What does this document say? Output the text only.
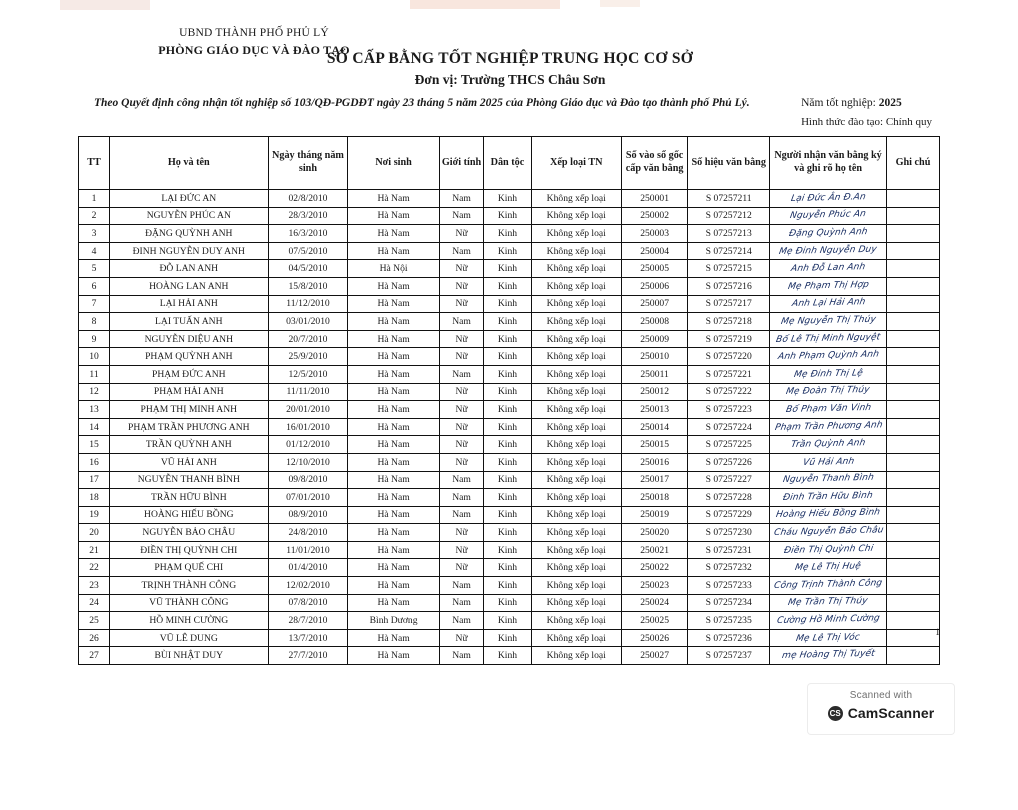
UBND THÀNH PHỐ PHỦ LÝ
PHÒNG GIÁO DỤC VÀ ĐÀO TẠO
SỔ CẤP BẰNG TỐT NGHIỆP TRUNG HỌC CƠ SỞ
Đơn vị: Trường THCS Châu Sơn
Theo Quyết định công nhận tốt nghiệp số 103/QĐ-PGDĐT ngày 23 tháng 5 năm 2025 của Phòng Giáo dục và Đào tạo thành phố Phủ Lý.	Năm tốt nghiệp: 2025
Hình thức đào tạo: Chính quy
TT	Họ và tên	Ngày tháng năm sinh	Nơi sinh	Giới tính	Dân tộc	Xếp loại TN	Số vào sổ gốc cấp văn bằng	Số hiệu văn bằng	Người nhận văn bằng ký và ghi rõ họ tên	Ghi chú
1	LẠI ĐỨC AN	02/8/2010	Hà Nam	Nam	Kinh	Không xếp loại	250001	S 07257211	Lại Đức Ân Đ.An	
2	NGUYỄN PHÚC AN	28/3/2010	Hà Nam	Nam	Kinh	Không xếp loại	250002	S 07257212	Nguyễn Phúc An	
3	ĐẶNG QUỲNH ANH	16/3/2010	Hà Nam	Nữ	Kinh	Không xếp loại	250003	S 07257213	Đặng Quỳnh Anh	
4	ĐINH NGUYỄN DUY ANH	07/5/2010	Hà Nam	Nam	Kinh	Không xếp loại	250004	S 07257214	Mẹ Đinh Nguyễn Duy	
5	ĐỖ LAN ANH	04/5/2010	Hà Nội	Nữ	Kinh	Không xếp loại	250005	S 07257215	Anh Đỗ Lan Anh	
6	HOÀNG LAN ANH	15/8/2010	Hà Nam	Nữ	Kinh	Không xếp loại	250006	S 07257216	Mẹ Phạm Thị Hợp	
7	LẠI HẢI ANH	11/12/2010	Hà Nam	Nữ	Kinh	Không xếp loại	250007	S 07257217	Anh Lại Hải Anh	
8	LẠI TUẤN ANH	03/01/2010	Hà Nam	Nam	Kinh	Không xếp loại	250008	S 07257218	Mẹ Nguyễn Thị Thúy	
9	NGUYỄN DIỆU ANH	20/7/2010	Hà Nam	Nữ	Kinh	Không xếp loại	250009	S 07257219	Bố Lê Thị Minh Nguyệt	
10	PHẠM QUỲNH ANH	25/9/2010	Hà Nam	Nữ	Kinh	Không xếp loại	250010	S 07257220	Anh Phạm Quỳnh Anh	
11	PHẠM ĐỨC ANH	12/5/2010	Hà Nam	Nam	Kinh	Không xếp loại	250011	S 07257221	Mẹ Đinh Thị Lệ	
12	PHẠM HẢI ANH	11/11/2010	Hà Nam	Nữ	Kinh	Không xếp loại	250012	S 07257222	Mẹ Đoàn Thị Thúy	
13	PHẠM THỊ MINH ANH	20/01/2010	Hà Nam	Nữ	Kinh	Không xếp loại	250013	S 07257223	Bố Phạm Văn Vinh	
14	PHẠM TRẦN PHƯƠNG ANH	16/01/2010	Hà Nam	Nữ	Kinh	Không xếp loại	250014	S 07257224	Phạm Trần Phương Anh	
15	TRẦN QUỲNH ANH	01/12/2010	Hà Nam	Nữ	Kinh	Không xếp loại	250015	S 07257225	Trần Quỳnh Anh	
16	VŨ HẢI ANH	12/10/2010	Hà Nam	Nữ	Kinh	Không xếp loại	250016	S 07257226	Vũ Hải Anh	
17	NGUYỄN THANH BÌNH	09/8/2010	Hà Nam	Nam	Kinh	Không xếp loại	250017	S 07257227	Nguyễn Thanh Bình	
18	TRẦN HỮU BÌNH	07/01/2010	Hà Nam	Nam	Kinh	Không xếp loại	250018	S 07257228	Đinh Trần Hữu Bình	
19	HOÀNG HIẾU BỒNG	08/9/2010	Hà Nam	Nam	Kinh	Không xếp loại	250019	S 07257229	Hoàng Hiếu Bồng Bình	
20	NGUYỄN BẢO CHÂU	24/8/2010	Hà Nam	Nữ	Kinh	Không xếp loại	250020	S 07257230	Cháu Nguyễn Bảo Châu	
21	ĐIỀN THỊ QUỲNH CHI	11/01/2010	Hà Nam	Nữ	Kinh	Không xếp loại	250021	S 07257231	Điền Thị Quỳnh Chi	
22	PHẠM QUẾ CHI	01/4/2010	Hà Nam	Nữ	Kinh	Không xếp loại	250022	S 07257232	Mẹ Lê Thị Huệ	
23	TRỊNH THÀNH CÔNG	12/02/2010	Hà Nam	Nam	Kinh	Không xếp loại	250023	S 07257233	Công Trịnh Thành Công	
24	VŨ THÀNH CÔNG	07/8/2010	Hà Nam	Nam	Kinh	Không xếp loại	250024	S 07257234	Mẹ Trần Thị Thúy	
25	HỒ MINH CƯỜNG	28/7/2010	Bình Dương	Nam	Kinh	Không xếp loại	250025	S 07257235	Cường Hồ Minh Cường	
26	VŨ LÊ DUNG	13/7/2010	Hà Nam	Nữ	Kinh	Không xếp loại	250026	S 07257236	Mẹ Lê Thị Vóc	
27	BÙI NHẬT DUY	27/7/2010	Hà Nam	Nam	Kinh	Không xếp loại	250027	S 07257237	mẹ Hoàng Thị Tuyết	
1
Scanned with
CS CamScanner
